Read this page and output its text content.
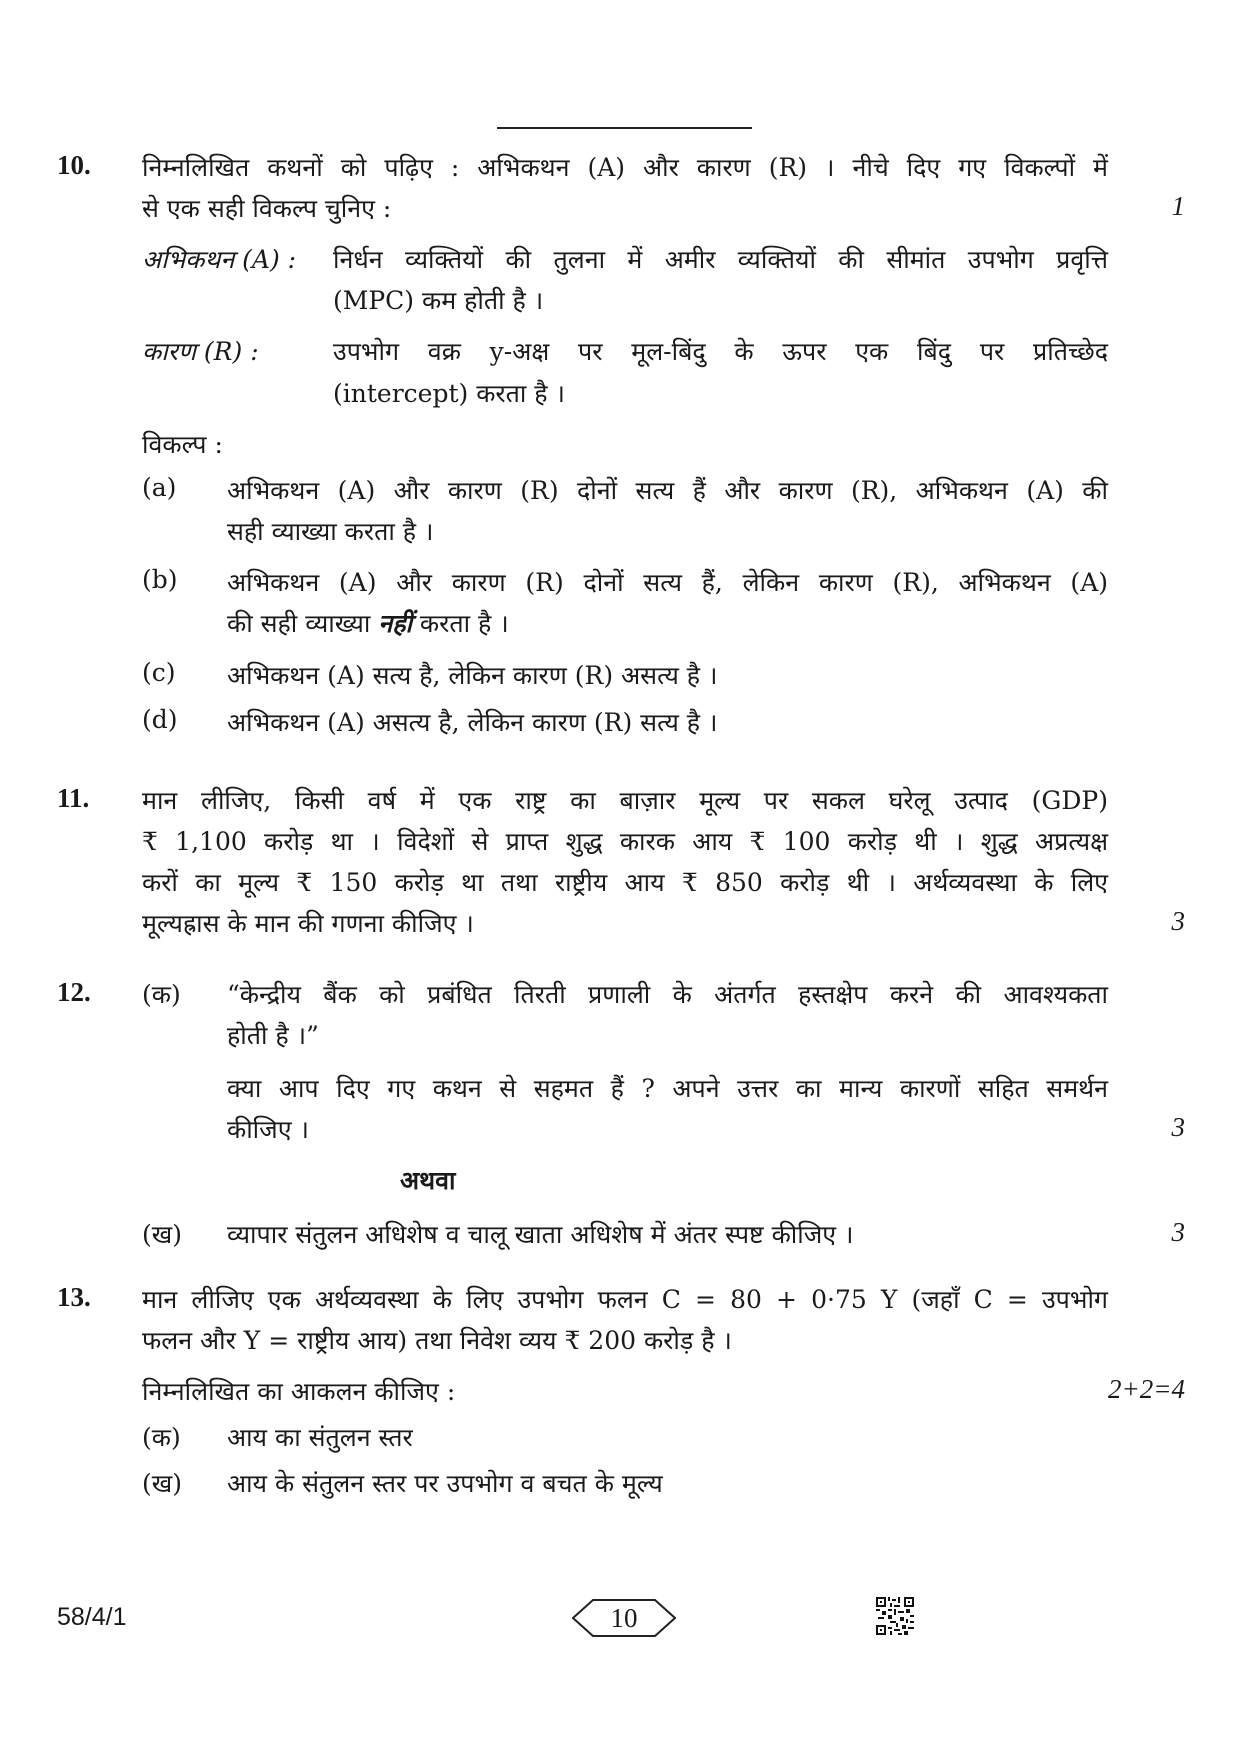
10. निम्नलिखित कथनों को पढ़िए : अभिकथन (A) और कारण (R) । नीचे दिए गए विकल्पों में
से एक सही विकल्प चुनिए :	1
अभिकथन (A) : निर्धन व्यक्तियों की तुलना में अमीर व्यक्तियों की सीमांत उपभोग प्रवृत्ति
(MPC) कम होती है ।
कारण (R) :	उपभोग वक्र y-अक्ष पर मूल-बिंदु के ऊपर एक बिंदु पर प्रतिच्छेद
(intercept) करता है ।
विकल्प :
(a) अभिकथन (A) और कारण (R) दोनों सत्य हैं और कारण (R), अभिकथन (A) की
सही व्याख्या करता है ।
(b) अभिकथन (A) और कारण (R) दोनों सत्य हैं, लेकिन कारण (R), अभिकथन (A)
की सही व्याख्या नहीं करता है ।
(c) अभिकथन (A) सत्य है, लेकिन कारण (R) असत्य है ।
(d) अभिकथन (A) असत्य है, लेकिन कारण (R) सत्य है ।
11. मान लीजिए, किसी वर्ष में एक राष्ट्र का बाज़ार मूल्य पर सकल घरेलू उत्पाद (GDP)
₹ 1,100 करोड़ था । विदेशों से प्राप्त शुद्ध कारक आय ₹ 100 करोड़ थी । शुद्ध अप्रत्यक्ष
करों का मूल्य ₹ 150 करोड़ था तथा राष्ट्रीय आय ₹ 850 करोड़ थी । अर्थव्यवस्था के लिए
मूल्यह्रास के मान की गणना कीजिए ।	3
12. (क) “केन्द्रीय बैंक को प्रबंधित तिरती प्रणाली के अंतर्गत हस्तक्षेप करने की आवश्यकता
होती है ।”
क्या आप दिए गए कथन से सहमत हैं ? अपने उत्तर का मान्य कारणों सहित समर्थन
कीजिए ।	3
अथवा
(ख) व्यापार संतुलन अधिशेष व चालू खाता अधिशेष में अंतर स्पष्ट कीजिए ।	3
13. मान लीजिए एक अर्थव्यवस्था के लिए उपभोग फलन C = 80 + 0·75 Y (जहाँ C = उपभोग
फलन और Y = राष्ट्रीय आय) तथा निवेश व्यय ₹ 200 करोड़ है ।
निम्नलिखित का आकलन कीजिए :	2+2=4
(क) आय का संतुलन स्तर
(ख) आय के संतुलन स्तर पर उपभोग व बचत के मूल्य
58/4/1	10
